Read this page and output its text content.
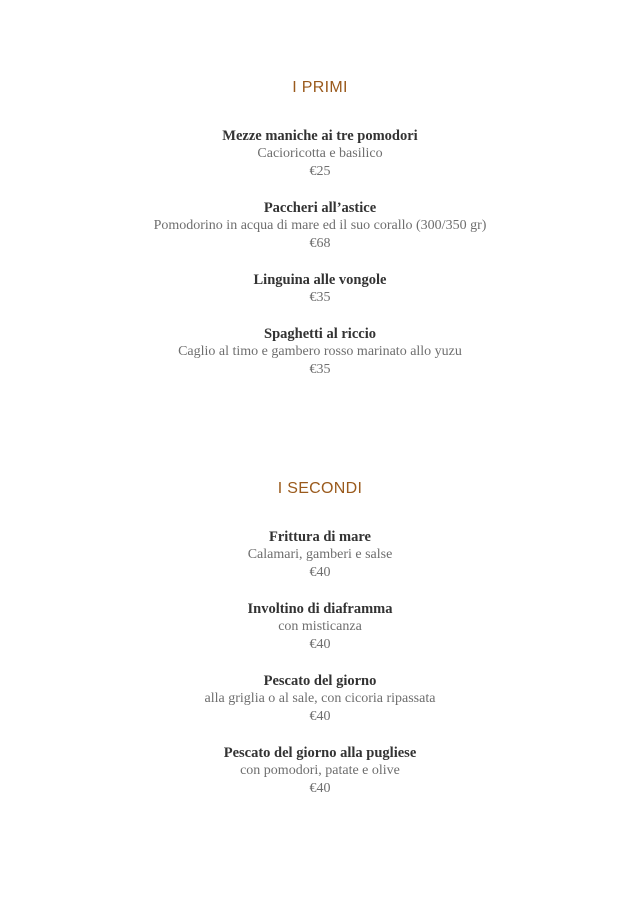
I PRIMI
Mezze maniche ai tre pomodori
Cacioricotta e basilico
€25
Paccheri all’astice
Pomodorino in acqua di mare ed il suo corallo (300/350 gr)
€68
Linguina alle vongole
€35
Spaghetti al riccio
Caglio al timo e gambero rosso marinato allo yuzu
€35
I SECONDI
Frittura di mare
Calamari, gamberi e salse
€40
Involtino di diaframma
con misticanza
€40
Pescato del giorno
alla griglia o al sale, con cicoria ripassata
€40
Pescato del giorno alla pugliese
con pomodori, patate e olive
€40
